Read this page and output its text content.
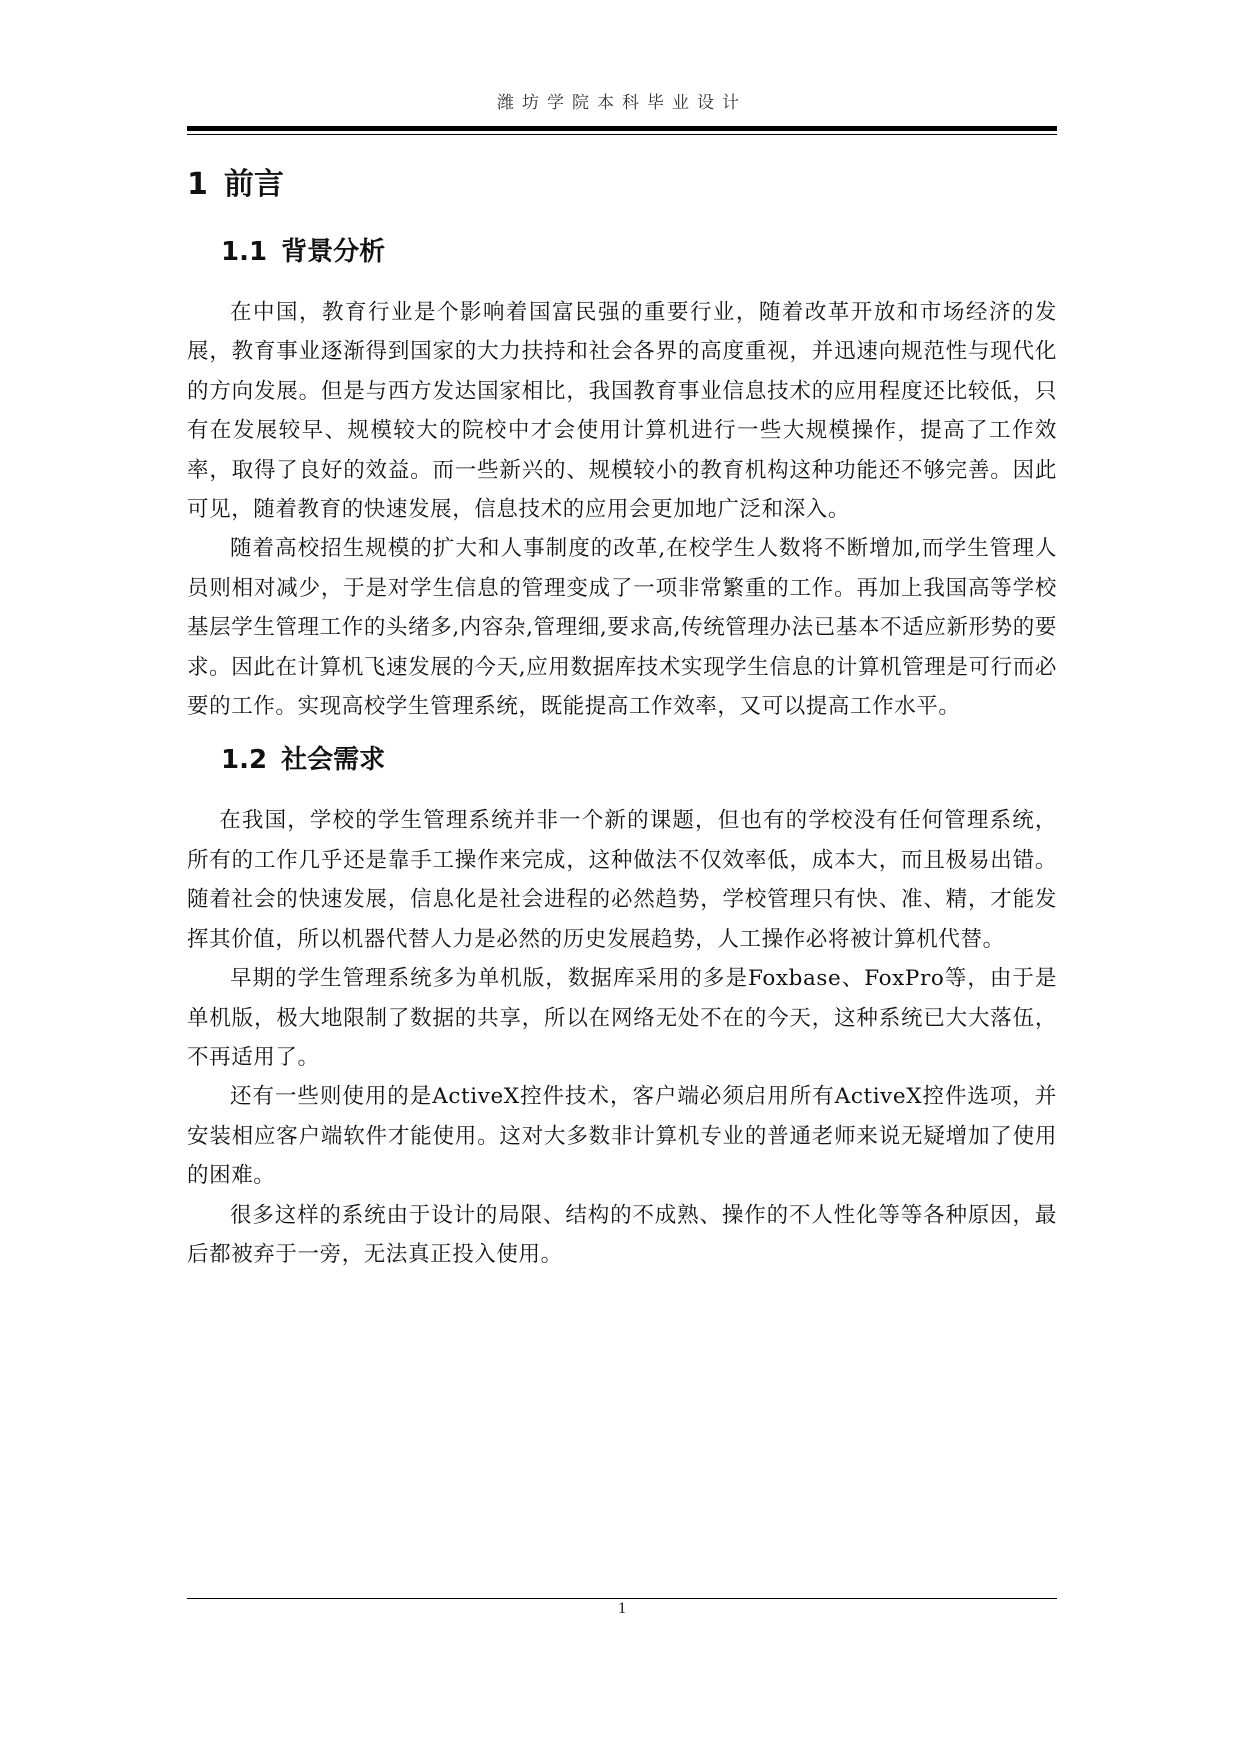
潍坊学院本科毕业设计
1 前言
1.1 背景分析

在中国，教育行业是个影响着国富民强的重要行业，随着改革开放和市场经济的发展，教育事业逐渐得到国家的大力扶持和社会各界的高度重视，并迅速向规范性与现代化的方向发展。但是与西方发达国家相比，我国教育事业信息技术的应用程度还比较低，只有在发展较早、规模较大的院校中才会使用计算机进行一些大规模操作，提高了工作效率，取得了良好的效益。而一些新兴的、规模较小的教育机构这种功能还不够完善。因此可见，随着教育的快速发展，信息技术的应用会更加地广泛和深入。

随着高校招生规模的扩大和人事制度的改革,在校学生人数将不断增加,而学生管理人员则相对减少，于是对学生信息的管理变成了一项非常繁重的工作。再加上我国高等学校基层学生管理工作的头绪多,内容杂,管理细,要求高,传统管理办法已基本不适应新形势的要求。因此在计算机飞速发展的今天,应用数据库技术实现学生信息的计算机管理是可行而必要的工作。实现高校学生管理系统，既能提高工作效率，又可以提高工作水平。

1.2 社会需求

在我国，学校的学生管理系统并非一个新的课题，但也有的学校没有任何管理系统，所有的工作几乎还是靠手工操作来完成，这种做法不仅效率低，成本大，而且极易出错。随着社会的快速发展，信息化是社会进程的必然趋势，学校管理只有快、准、精，才能发挥其价值，所以机器代替人力是必然的历史发展趋势，人工操作必将被计算机代替。

早期的学生管理系统多为单机版，数据库采用的多是Foxbase、FoxPro等，由于是单机版，极大地限制了数据的共享，所以在网络无处不在的今天，这种系统已大大落伍，不再适用了。

还有一些则使用的是ActiveX控件技术，客户端必须启用所有ActiveX控件选项，并安装相应客户端软件才能使用。这对大多数非计算机专业的普通老师来说无疑增加了使用的困难。

很多这样的系统由于设计的局限、结构的不成熟、操作的不人性化等等各种原因，最后都被弃于一旁，无法真正投入使用。

1
